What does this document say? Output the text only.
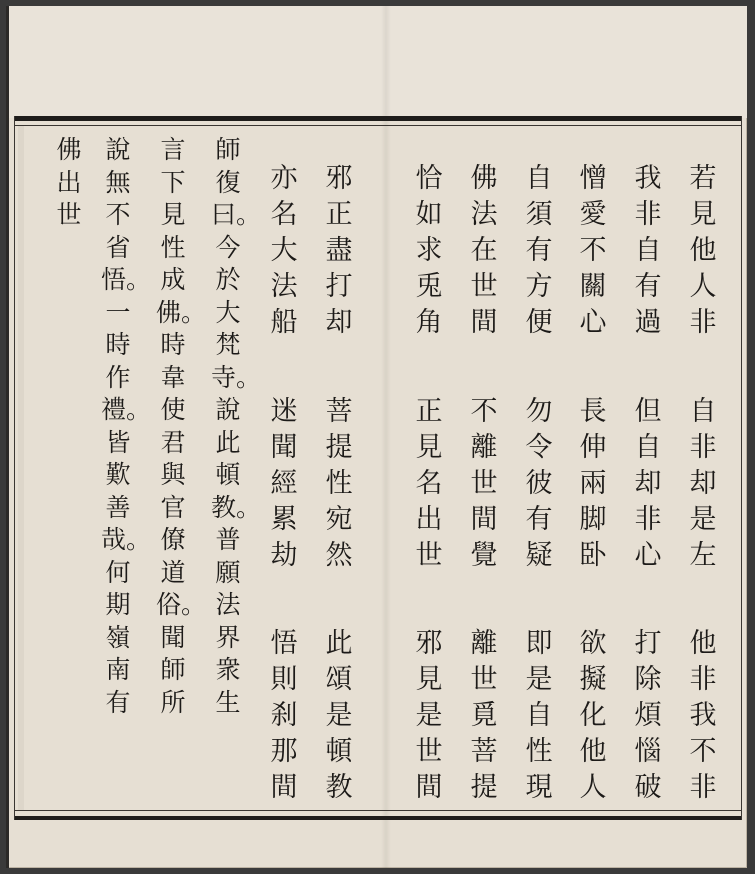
若見他人非
自非却是左
他非我不非
我非自有過
但自却非心
打除煩惱破
憎愛不關心
長伸兩脚卧
欲擬化他人
自須有方便
勿令彼有疑
即是自性現
佛法在世間
不離世間覺
離世覓菩提
恰如求兎角
正見名出世
邪見是世間
邪正盡打却
菩提性宛然
此頌是頓教
亦名大法船
迷聞經累劫
悟則刹那間
師復曰。今於大梵寺。說此頓教。普願法界衆生
言下見性成佛。時韋使君與官僚道俗。聞師所
說無不省悟。一時作禮。皆歎善哉。何期嶺南有
佛出世
